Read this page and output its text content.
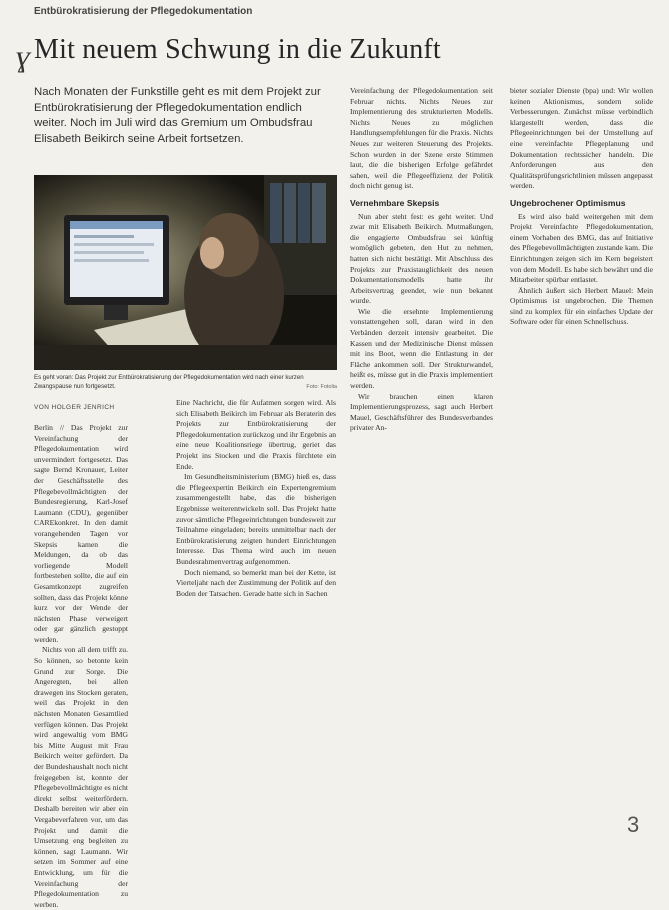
Entbürokratisierung der Pflegedokumentation
ɣ Mit neuem Schwung in die Zukunft
Nach Monaten der Funkstille geht es mit dem Projekt zur Entbürokratisierung der Pflegedokumentation endlich weiter. Noch im Juli wird das Gremium um Ombudsfrau Elisabeth Beikirch seine Arbeit fortsetzen.
Es geht voran: Das Projekt zur Entbürokratisierung der Pflegedokumentation wird nach einer kurzen Zwangspause nun fortgesetzt.	Foto: Fotolia
VON HOLGER JENRICH

Berlin // Das Projekt zur Vereinfachung der Pflegedokumentation wird unvermindert fortgesetzt. Das sagte Bernd Kronauer, Leiter der Geschäftsstelle des Pflegebevollmächtigten der Bundesregierung, Karl-Josef Laumann (CDU), gegenüber CAREkonkret. In den damit vorangehenden Tagen vor Skepsis kamen die Meldungen, da ob das vorliegende Modell fortbestehen sollte, die auf ein Gesamtkonzept zugreifen sollten, dass das Projekt könne kurz vor der Wende der nächsten Phase verweigert oder gar gänzlich gestoppt werden.

Nichts von all dem trifft zu. So können, so betonte kein Grund zur Sorge. Die Angeregten, bei allen drawegen ins Stocken geraten, weil das Projekt in den nächsten Monaten Gesamtlied verfügen können. Das Projekt wird angewaltig vom BMG bis Mitte August mit Frau Beikirch weiter gefördert. Da der Bundeshaushalt noch nicht freigegeben ist, konnte der Pflegebevollmächtigte es nicht direkt selbst weiterfördern. Deshalb bereiten wir aber ein Vergabeverfahren vor, um das Projekt und damit die Umsetzung eng begleiten zu können, sagt Laumann. Wir setzen im Sommer auf eine Entwicklung, um für die Vereinfachung der Pflegedokumentation zu werben.

Eine Nachricht, die für Aufatmen sorgen wird. Als sich Elisabeth Beikirch im Februar als Beraterin des Projekts zur Entbürokratisierung der Pflegedokumentation zurückzog und ihr Ergebnis an eine neue Koalitionsriege übertrug, geriet das Projekt ins Stocken und die Praxis fürchtete ein Ende.

Im Gesundheitsministerium (BMG) hieß es, dass die Pflegeexpertin Beikirch ein Expertengremium zusammengestellt habe, das die bisherigen Ergebnisse weiterentwickeln soll. Das Projekt hatte zuvor sämtliche Pflegeeinrichtungen bundesweit zur Teilnahme eingeladen; bereits unmittelbar nach der Entbürokratisierung zeigten hundert Einrichtungen Interesse. Das Thema wird auch im neuen Bundesrahmenvertrag aufgenommen.

Doch niemand, so bemerkt man bei der Kette, ist Vierteljahr nach der Zustimmung der Politik auf den Boden der Tatsachen. Gerade hatte sich in Sachen

Vereinfachung der Pflegedokumentation seit Februar nichts. Nichts Neues zur Implementierung des strukturierten Modells. Nichts Neues zu möglichen Handlungsempfehlungen für die Praxis. Nichts Neues zur weiteren Steuerung des Projekts. Schon wurden in der Szene erste Stimmen laut, die die bisherigen Erfolge gefährdet sahen, weil die Pflegeeffizienz der Politik doch nicht genug ist.

Vernehmbare Skepsis

Nun aber steht fest: es geht weiter. Und zwar mit Elisabeth Beikirch. Mutmaßungen, die engagierte Ombudsfrau sei künftig womöglich gebeten, den Hut zu nehmen, hatten sich nicht bestätigt. Mit Abschluss des Projekts zur Praxistauglichkeit des neuen Dokumentationsmodells hatte ihr Arbeitsvertrag geendet, wie nun bekannt wurde.

Wie die ersehnte Implementierung vonstattengehen soll, daran wird in den Verbänden derzeit intensiv gearbeitet. Die Kassen und der Medizinische Dienst müssen mit ins Boot, wenn die Entlastung in der Fläche ankommen soll. Der Strukturwandel, heißt es, müsse gut in die Praxis implementiert werden.

Wir brauchen einen klaren Implementierungsprozess, sagt auch Herbert Mauel, Geschäftsführer des Bundesverbandes privater An-

bieter sozialer Dienste (bpa) und: Wir wollen keinen Aktionismus, sondern solide Verbesserungen. Zunächst müsse verbindlich klargestellt werden, dass die Pflegeeinrichtungen bei der Umstellung auf eine vereinfachte Pflegeplanung und Dokumentation rechtssicher handeln. Die Anforderungen aus den Qualitätsprüfungsrichtlinien müssen angepasst werden.

Ungebrochener Optimismus

Es wird also bald weitergehen mit dem Projekt Vereinfachte Pflegedokumentation, einem Vorhaben des BMG, das auf Initiative des Pflegebevollmächtigten zustande kam. Die Einrichtungen zeigen sich im Kern begeistert von dem Modell. Es habe sich bewährt und die Mitarbeiter spürbar entlastet.

Ähnlich äußert sich Herbert Mauel: Mein Optimismus ist ungebrochen. Die Themen sind zu komplex für ein einfaches Update der Software oder für einen Schnellschuss.

3
